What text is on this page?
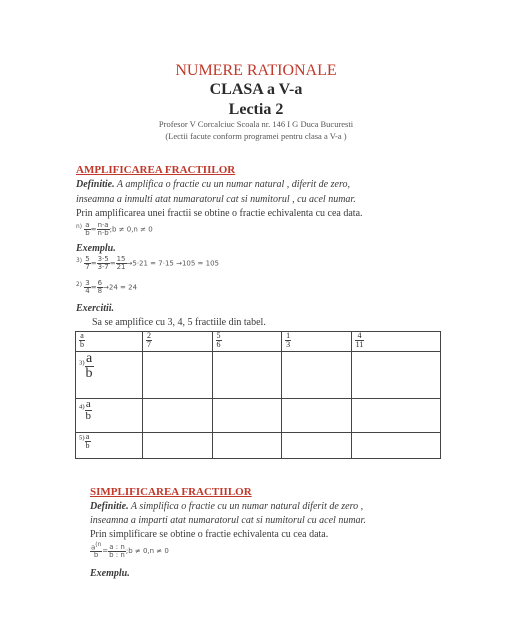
NUMERE RATIONALE
CLASA a V-a
Lectia 2
Profesor V Corcalciuc Scoala nr. 146 I G Duca Bucuresti
(Lectii facute conform programei pentru clasa a V-a )
AMPLIFICAREA FRACTIILOR
Definitie. A amplifica o fractie cu un numar natural , diferit de zero,
inseamna a inmulti atat numaratorul cat si numitorul , cu acel numar.
Prin amplificarea unei fractii se obtine o fractie echivalenta cu cea data.
$^{n)} \frac{a}{b} = \frac{n\cdot a}{n\cdot b}$ ;b ≠ 0,n ≠ 0
Exemplu.
$^{3)} \frac{5}{7} = \frac{3\cdot 5}{3\cdot 7} = \frac{15}{21} \to 5\cdot 21 = 7\cdot 15 \to 105 = 105$
$^{2)} \frac{3}{4} = \frac{6}{8} \to 24 = 24$
Exercitii.
Sa se amplifice cu 3, 4, 5 fractiile din tabel.
$\frac{a}{b}$	$\frac{2}{7}$	$\frac{5}{6}$	$\frac{1}{3}$	$\frac{4}{11}$

$^{3)} \frac{a}{b}$

$^{4)} \frac{a}{b}$

$^{5)} \frac{a}{b}$

SIMPLIFICAREA FRACTIILOR
Definitie. A simplifica o fractie cu un numar natural diferit de zero ,
inseamna a imparti atat numaratorul cat si numitorul cu acel numar.
Prin simplificare se obtine o fractie echivalenta cu cea data.
$\frac{a^{(n}}{b} = \frac{a : n}{b : n}$ ;b ≠ 0,n ≠ 0
Exemplu.
